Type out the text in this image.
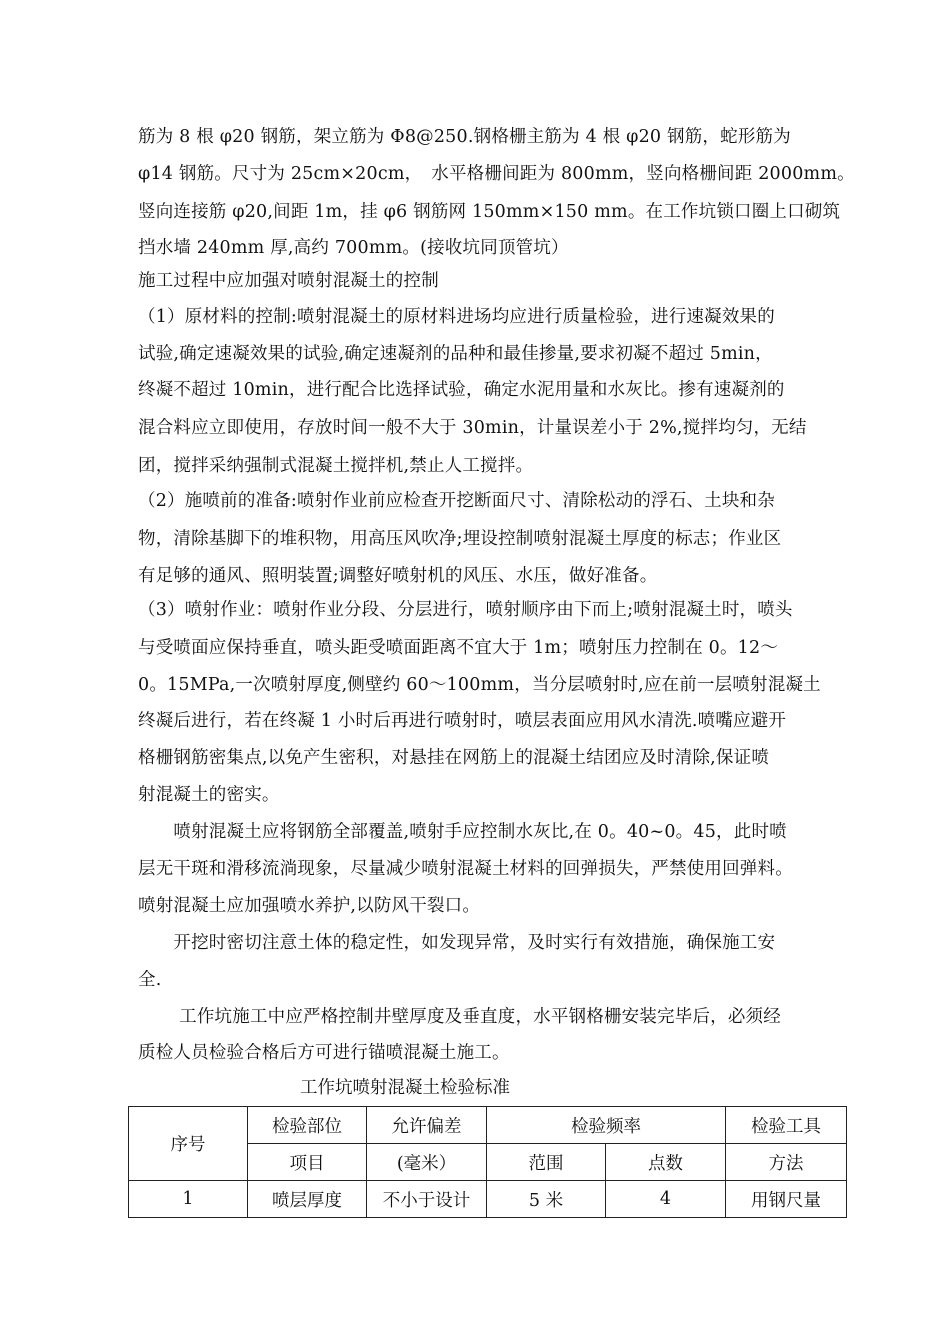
筋为 8 根 φ20 钢筋，架立筋为 Φ8@250.钢格栅主筋为 4 根 φ20 钢筋，蛇形筋为
φ14 钢筋。尺寸为 25cm×20cm，　水平格栅间距为 800mm，竖向格栅间距 2000mm。
竖向连接筋 φ20,间距 1m，挂 φ6 钢筋网 150mm×150 mm。在工作坑锁口圈上口砌筑
挡水墙 240mm 厚,高约 700mm。(接收坑同顶管坑）
施工过程中应加强对喷射混凝土的控制
（1）原材料的控制:喷射混凝土的原材料进场均应进行质量检验，进行速凝效果的
试验,确定速凝效果的试验,确定速凝剂的品种和最佳掺量,要求初凝不超过 5min，
终凝不超过 10min，进行配合比选择试验，确定水泥用量和水灰比。掺有速凝剂的
混合料应立即使用，存放时间一般不大于 30min，计量误差小于 2%,搅拌均匀，无结
团，搅拌采纳强制式混凝土搅拌机,禁止人工搅拌。
（2）施喷前的准备:喷射作业前应检查开挖断面尺寸、清除松动的浮石、土块和杂
物，清除基脚下的堆积物，用高压风吹净;埋设控制喷射混凝土厚度的标志；作业区
有足够的通风、照明装置;调整好喷射机的风压、水压，做好准备。
（3）喷射作业：喷射作业分段、分层进行，喷射顺序由下而上;喷射混凝土时，喷头
与受喷面应保持垂直，喷头距受喷面距离不宜大于 1m；喷射压力控制在 0。12～
0。15MPa,一次喷射厚度,侧壁约 60～100mm，当分层喷射时,应在前一层喷射混凝土
终凝后进行，若在终凝 1 小时后再进行喷射时，喷层表面应用风水清洗.喷嘴应避开
格栅钢筋密集点,以免产生密积，对悬挂在网筋上的混凝土结团应及时清除,保证喷
射混凝土的密实。
　　喷射混凝土应将钢筋全部覆盖,喷射手应控制水灰比,在 0。40~0。45，此时喷
层无干斑和滑移流淌现象，尽量减少喷射混凝土材料的回弹损失，严禁使用回弹料。
喷射混凝土应加强喷水养护,以防风干裂口。
　　开挖时密切注意土体的稳定性，如发现异常，及时实行有效措施，确保施工安
全.
　　 工作坑施工中应严格控制井壁厚度及垂直度，水平钢格栅安装完毕后，必须经
质检人员检验合格后方可进行锚喷混凝土施工。
工作坑喷射混凝土检验标准
序号	检验部位	允许偏差	检验频率		检验工具
	项目	(毫米）	范围	点数	方法
1	喷层厚度	不小于设计	5 米	4	用钢尺量
